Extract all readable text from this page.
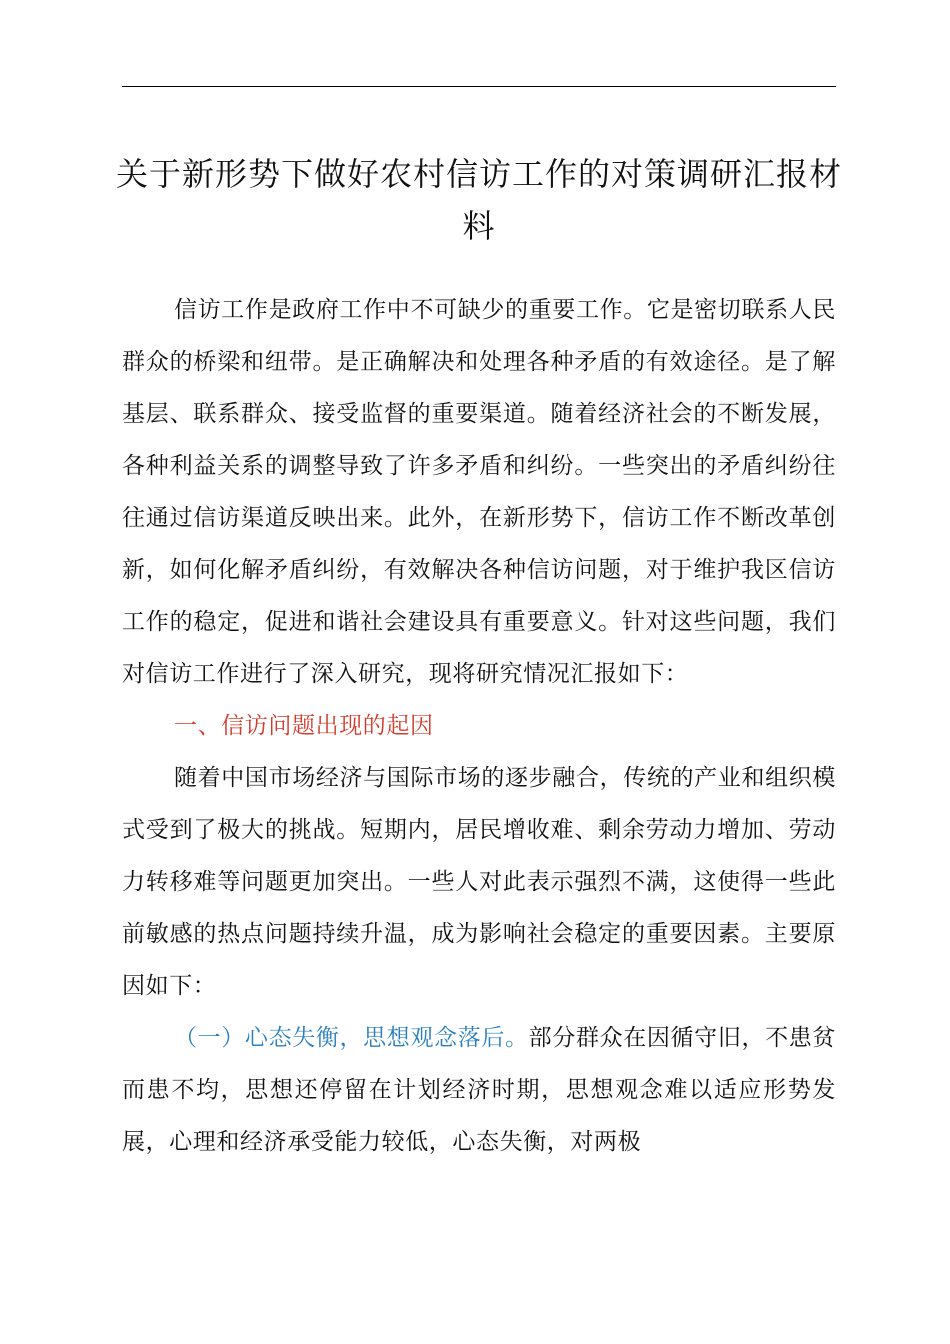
关于新形势下做好农村信访工作的对策调研汇报材料

信访工作是政府工作中不可缺少的重要工作。它是密切联系人民群众的桥梁和纽带。是正确解决和处理各种矛盾的有效途径。是了解基层、联系群众、接受监督的重要渠道。随着经济社会的不断发展，各种利益关系的调整导致了许多矛盾和纠纷。一些突出的矛盾纠纷往往通过信访渠道反映出来。此外，在新形势下，信访工作不断改革创新，如何化解矛盾纠纷，有效解决各种信访问题，对于维护我区信访工作的稳定，促进和谐社会建设具有重要意义。针对这些问题，我们对信访工作进行了深入研究，现将研究情况汇报如下：

一、信访问题出现的起因

随着中国市场经济与国际市场的逐步融合，传统的产业和组织模式受到了极大的挑战。短期内，居民增收难、剩余劳动力增加、劳动力转移难等问题更加突出。一些人对此表示强烈不满，这使得一些此前敏感的热点问题持续升温，成为影响社会稳定的重要因素。主要原因如下：

（一）心态失衡，思想观念落后。部分群众在因循守旧，不患贫而患不均，思想还停留在计划经济时期，思想观念难以适应形势发展，心理和经济承受能力较低，心态失衡，对两极
